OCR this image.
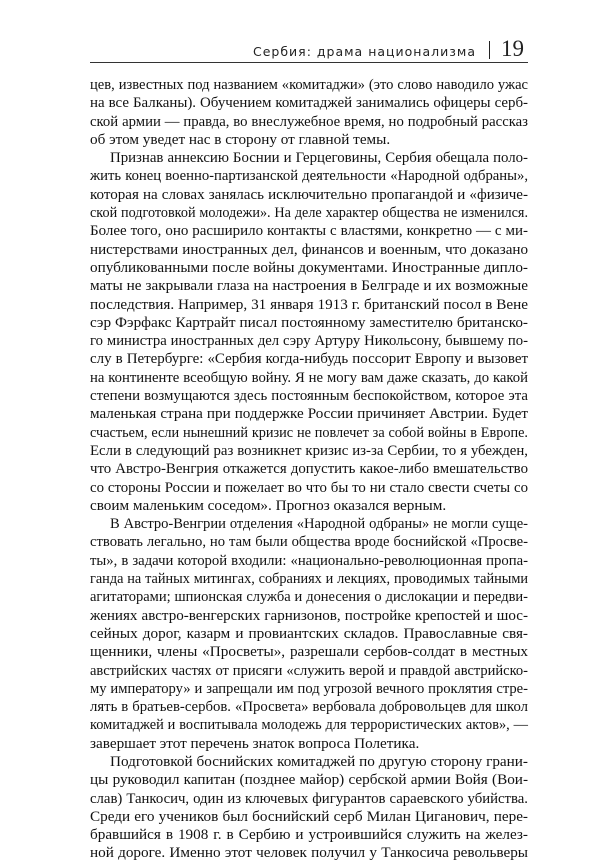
Сербия: драма национализма 19
цев, известных под названием «комитаджи» (это слово наводило ужас
на все Балканы). Обучением комитаджей занимались офицеры серб-
ской армии — правда, во внеслужебное время, но подробный рассказ
об этом уведет нас в сторону от главной темы.
Признав аннексию Боснии и Герцеговины, Сербия обещала поло-
жить конец военно-партизанской деятельности «Народной одбраны»,
которая на словах занялась исключительно пропагандой и «физиче-
ской подготовкой молодежи». На деле характер общества не изменился.
Более того, оно расширило контакты с властями, конкретно — с ми-
нистерствами иностранных дел, финансов и военным, что доказано
опубликованными после войны документами. Иностранные дипло-
маты не закрывали глаза на настроения в Белграде и их возможные
последствия. Например, 31 января 1913 г. британский посол в Вене
сэр Фэрфакс Картрайт писал постоянному заместителю британско-
го министра иностранных дел сэру Артуру Никольсону, бывшему по-
слу в Петербурге: «Сербия когда-нибудь поссорит Европу и вызовет
на континенте всеобщую войну. Я не могу вам даже сказать, до какой
степени возмущаются здесь постоянным беспокойством, которое эта
маленькая страна при поддержке России причиняет Австрии. Будет
счастьем, если нынешний кризис не повлечет за собой войны в Европе.
Если в следующий раз возникнет кризис из-за Сербии, то я убежден,
что Австро-Венгрия откажется допустить какое-либо вмешательство
со стороны России и пожелает во что бы то ни стало свести счеты со
своим маленьким соседом». Прогноз оказался верным.
В Австро-Венгрии отделения «Народной одбраны» не могли суще-
ствовать легально, но там были общества вроде боснийской «Просве-
ты», в задачи которой входили: «национально-революционная пропа-
ганда на тайных митингах, собраниях и лекциях, проводимых тайными
агитаторами; шпионская служба и донесения о дислокации и передви-
жениях австро-венгерских гарнизонов, постройке крепостей и шос-
сейных дорог, казарм и провиантских складов. Православные свя-
щенники, члены «Просветы», разрешали сербов-солдат в местных
австрийских частях от присяги «служить верой и правдой австрийско-
му императору» и запрещали им под угрозой вечного проклятия стре-
лять в братьев-сербов. «Просвета» вербовала добровольцев для школ
комитаджей и воспитывала молодежь для террористических актов», —
завершает этот перечень знаток вопроса Полетика.
Подготовкой боснийских комитаджей по другую сторону грани-
цы руководил капитан (позднее майор) сербской армии Войя (Вои-
слав) Танкосич, один из ключевых фигурантов сараевского убийства.
Среди его учеников был боснийский серб Милан Циганович, пере-
бравшийся в 1908 г. в Сербию и устроившийся служить на желез-
ной дороге. Именно этот человек получил у Танкосича револьверы
